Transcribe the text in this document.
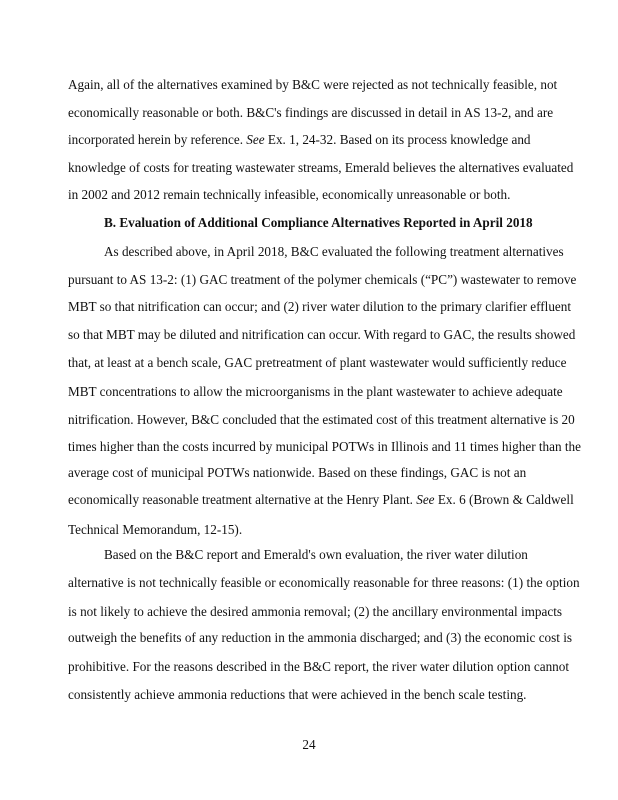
Again, all of the alternatives examined by B&C were rejected as not technically feasible, not
economically reasonable or both. B&C's findings are discussed in detail in AS 13-2, and are
incorporated herein by reference. See Ex. 1, 24-32. Based on its process knowledge and
knowledge of costs for treating wastewater streams, Emerald believes the alternatives evaluated
in 2002 and 2012 remain technically infeasible, economically unreasonable or both.
B. Evaluation of Additional Compliance Alternatives Reported in April 2018
As described above, in April 2018, B&C evaluated the following treatment alternatives
pursuant to AS 13-2: (1) GAC treatment of the polymer chemicals (“PC”) wastewater to remove
MBT so that nitrification can occur; and (2) river water dilution to the primary clarifier effluent
so that MBT may be diluted and nitrification can occur. With regard to GAC, the results showed
that, at least at a bench scale, GAC pretreatment of plant wastewater would sufficiently reduce
MBT concentrations to allow the microorganisms in the plant wastewater to achieve adequate
nitrification. However, B&C concluded that the estimated cost of this treatment alternative is 20
times higher than the costs incurred by municipal POTWs in Illinois and 11 times higher than the
average cost of municipal POTWs nationwide. Based on these findings, GAC is not an
economically reasonable treatment alternative at the Henry Plant. See Ex. 6 (Brown & Caldwell
Technical Memorandum, 12-15).
Based on the B&C report and Emerald's own evaluation, the river water dilution
alternative is not technically feasible or economically reasonable for three reasons: (1) the option
is not likely to achieve the desired ammonia removal; (2) the ancillary environmental impacts
outweigh the benefits of any reduction in the ammonia discharged; and (3) the economic cost is
prohibitive. For the reasons described in the B&C report, the river water dilution option cannot
consistently achieve ammonia reductions that were achieved in the bench scale testing.
24
